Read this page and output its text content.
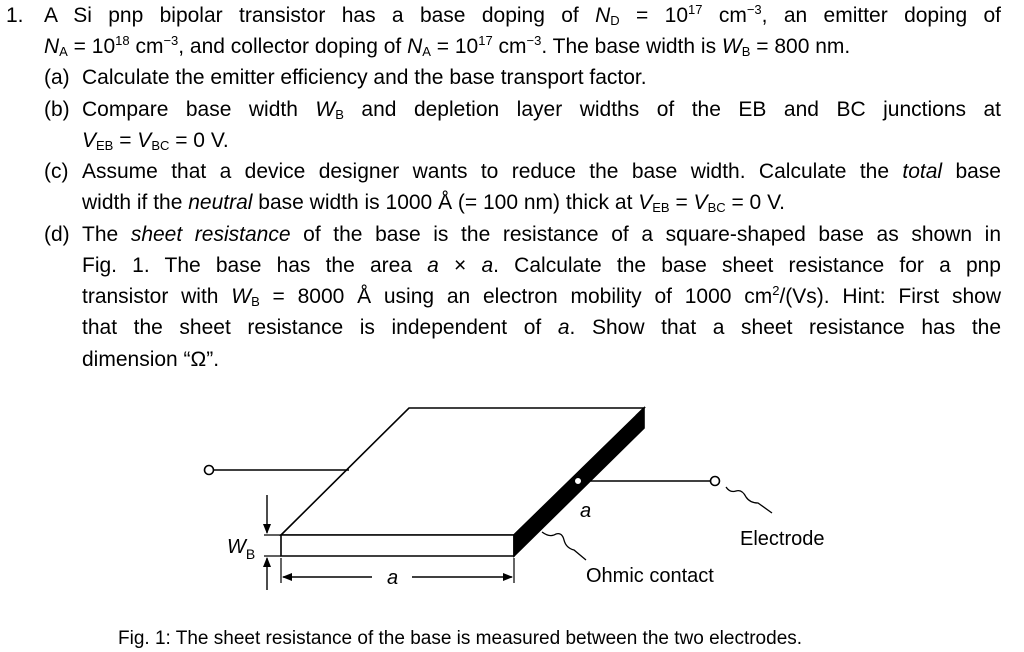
1. A Si pnp bipolar transistor has a base doping of $N_D = 10^{17}$ $cm^{-3}$, an emitter doping of
$N_A = 10^{18}$ $cm^{-3}$, and collector doping of $N_A = 10^{17}$ $cm^{-3}$. The base width is $W_B = 800$ nm.
(a) Calculate the emitter efficiency and the base transport factor.
(b) Compare base width $W_B$ and depletion layer widths of the EB and BC junctions at
$V_{EB} = V_{BC} = 0$ V.
(c) Assume that a device designer wants to reduce the base width. Calculate the total base
width if the neutral base width is 1000 Å (= 100 nm) thick at $V_{EB} = V_{BC} = 0$ V.
(d) The sheet resistance of the base is the resistance of a square-shaped base as shown in
Fig. 1. The base has the area a × a. Calculate the base sheet resistance for a pnp
transistor with $W_B = 8000$ Å using an electron mobility of 1000 $cm^2/(Vs)$. Hint: First show
that the sheet resistance is independent of a. Show that a sheet resistance has the
dimension “Ω”.
Electrode
Ohmic contact
a
$W_B$
a
Fig. 1: The sheet resistance of the base is measured between the two electrodes.
